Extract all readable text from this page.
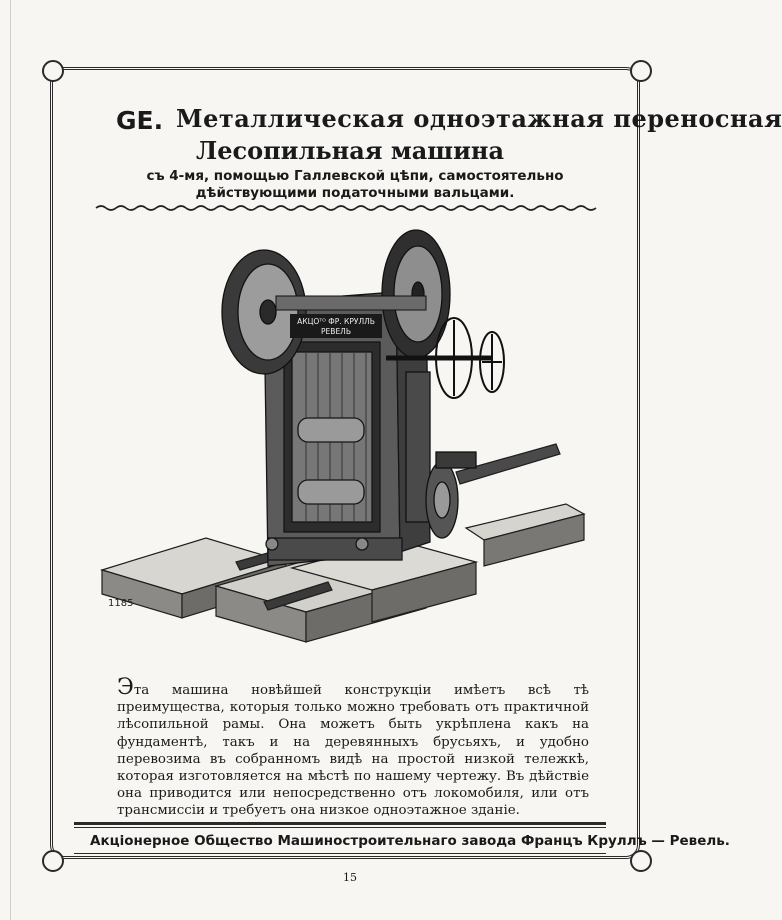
GE. Металлическая одноэтажная переносная
Лесопильная машина
съ 4-мя, помощью Галлевской цѣпи, самостоятельно дѣйствующими податочными вальцами.
1185
АКЦОᵀᴼ ФР. КРУЛЛЬ
РЕВЕЛЬ
Эта машина новѣйшей конструкціи имѣетъ всѣ тѣ преимущества, которыя только можно требовать отъ практичной лѣсопильной рамы. Она можетъ быть укрѣплена какъ на фундаментѣ, такъ и на деревянныхъ брусьяхъ, и удобно перевозима въ собранномъ видѣ на простой низкой тележкѣ, которая изготовляется на мѣстѣ по нашему чертежу. Въ дѣйствіе она приводится или непосредственно отъ локомобиля, или отъ трансмиссіи и требуетъ она низкое одноэтажное зданіе.
Акціонерное Общество Машиностроительнаго завода Францъ Круллъ — Ревель.
15
